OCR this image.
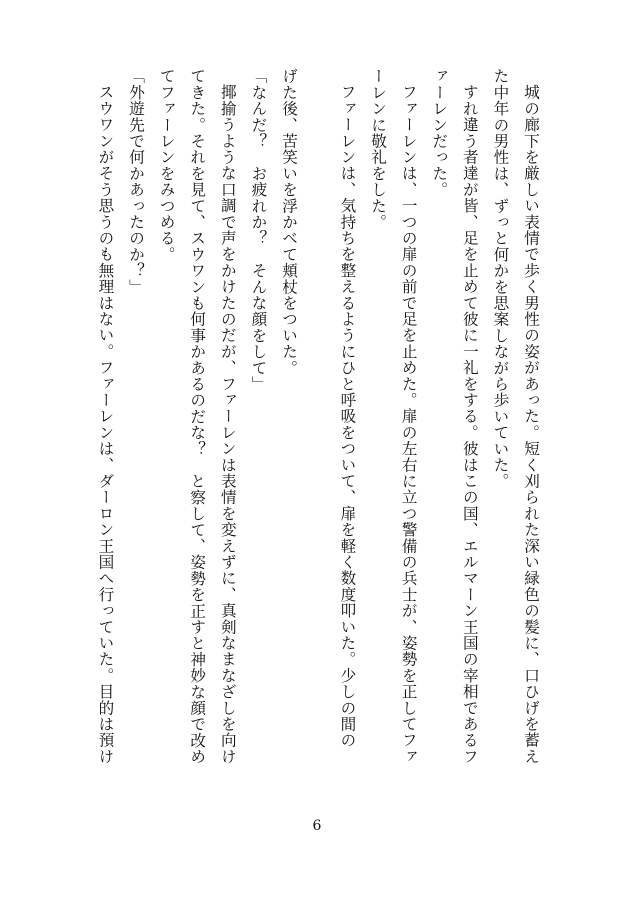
城の廊下を厳しい表情で歩く男性の姿があった。短く刈られた深い緑色の髪に、口ひげを蓄えた中年の男性は、ずっと何かを思案しながら歩いていた。

すれ違う者達が皆、足を止めて彼に一礼をする。彼はこの国、エルマーン王国の宰相であるファーレンだった。

ファーレンは、一つの扉の前で足を止めた。扉の左右に立つ警備の兵士が、姿勢を正してファーレンに敬礼をした。

ファーレンは、気持ちを整えるようにひと呼吸をついて、扉を軽く数度叩いた。少しの間の

げた後、苦笑いを浮かべて頬杖をついた。

「なんだ？　お疲れか？　そんな顔をして」

揶揄うような口調で声をかけたのだが、ファーレンは表情を変えずに、真剣なまなざしを向けてきた。それを見て、スウワンも何事かあるのだな？　と察して、姿勢を正すと神妙な顔で改めてファーレンをみつめる。

「外遊先で何かあったのか？」

スウワンがそう思うのも無理はない。ファーレンは、ダーロン王国へ行っていた。目的は預け

6
